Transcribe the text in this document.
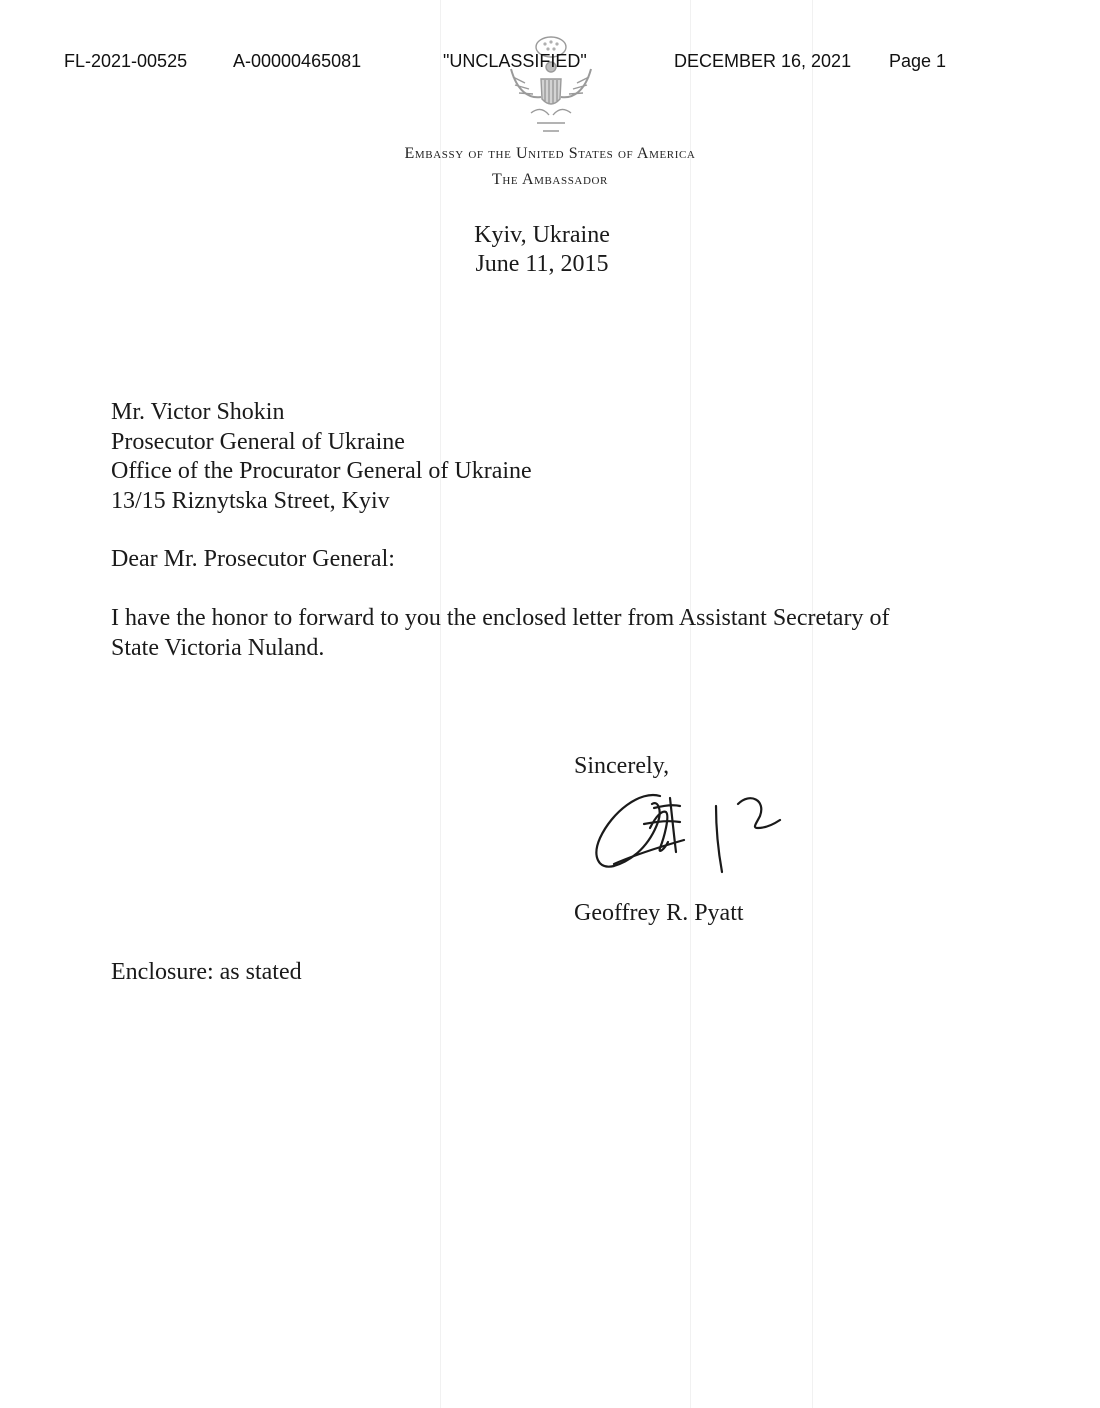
FL-2021-00525	A-00000465081	"UNCLASSIFIED"	DECEMBER 16, 2021 Page 1

Embassy of the United States of America

The Ambassador

Kyiv, Ukraine

June 11, 2015

Mr. Victor Shokin
Prosecutor General of Ukraine
Office of the Procurator General of Ukraine
13/15 Riznytska Street, Kyiv

Dear Mr. Prosecutor General:

I have the honor to forward to you the enclosed letter from Assistant Secretary of
State Victoria Nuland.

Sincerely,

Geoffrey R. Pyatt

Enclosure: as stated
